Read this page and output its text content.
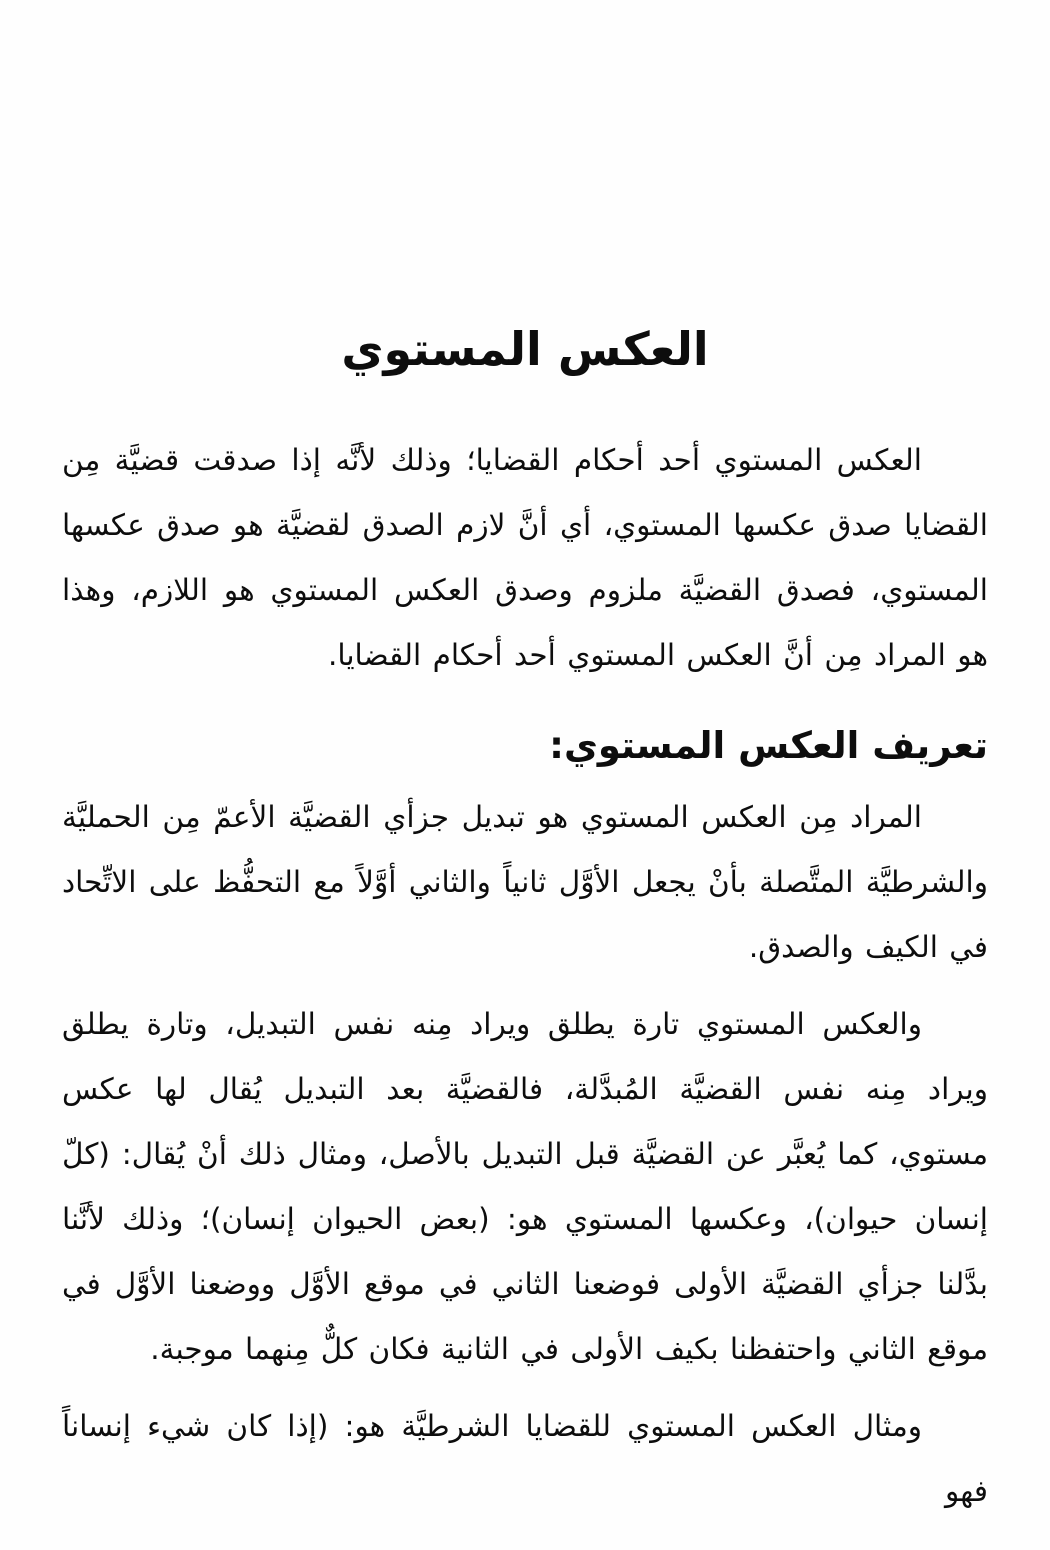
العكس المستوي

العكس المستوي أحد أحكام القضايا؛ وذلك لأنَّه إذا صدقت قضيَّة مِن القضايا صدق عكسها المستوي، أي أنَّ لازم الصدق لقضيَّة هو صدق عكسها المستوي، فصدق القضيَّة ملزوم وصدق العكس المستوي هو اللازم، وهذا هو المراد مِن أنَّ العكس المستوي أحد أحكام القضايا.

تعريف العكس المستوي:

المراد مِن العكس المستوي هو تبديل جزأي القضيَّة الأعمّ مِن الحمليَّة والشرطيَّة المتَّصلة بأنْ يجعل الأوَّل ثانياً والثاني أوَّلاً مع التحفُّظ على الاتِّحاد في الكيف والصدق.

والعكس المستوي تارة يطلق ويراد مِنه نفس التبديل، وتارة يطلق ويراد مِنه نفس القضيَّة المُبدَّلة، فالقضيَّة بعد التبديل يُقال لها عكس مستوي، كما يُعبَّر عن القضيَّة قبل التبديل بالأصل، ومثال ذلك أنْ يُقال: (كلّ إنسان حيوان)، وعكسها المستوي هو: (بعض الحيوان إنسان)؛ وذلك لأنَّنا بدَّلنا جزأي القضيَّة الأولى فوضعنا الثاني في موقع الأوَّل ووضعنا الأوَّل في موقع الثاني واحتفظنا بكيف الأولى في الثانية فكان كلٌّ مِنهما موجبة.

ومثال العكس المستوي للقضايا الشرطيَّة هو: (إذا كان شيء إنساناً فهو
